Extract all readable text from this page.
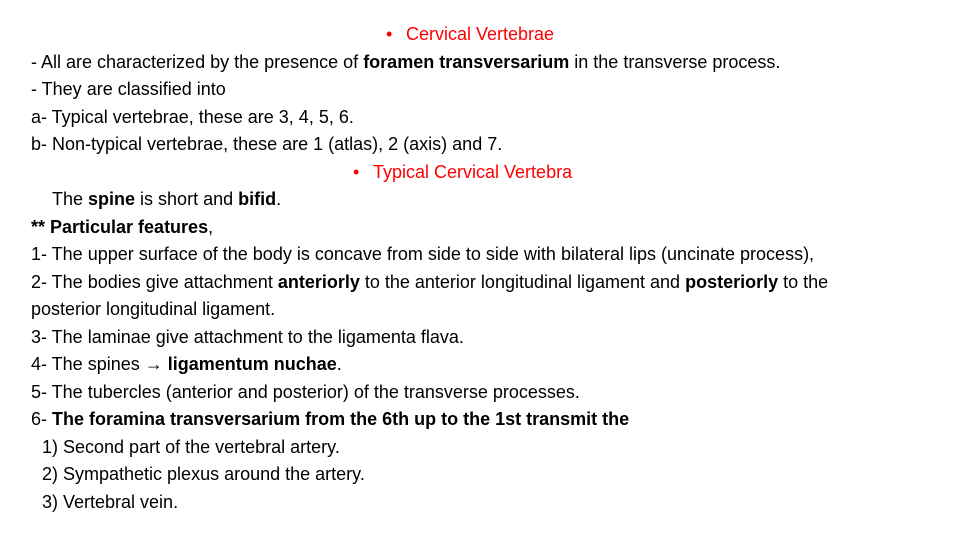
• Cervical Vertebrae
- All are characterized by the presence of foramen transversarium in the transverse process.
- They are classified into
a- Typical vertebrae, these are 3, 4, 5, 6.
b- Non-typical vertebrae, these are 1 (atlas), 2 (axis) and 7.
• Typical Cervical Vertebra
The spine is short and bifid.
** Particular features,
1- The upper surface of the body is concave from side to side with bilateral lips (uncinate process),
2- The bodies give attachment anteriorly to the anterior longitudinal ligament and posteriorly to the
posterior longitudinal ligament.
3- The laminae give attachment to the ligamenta flava.
4- The spines → ligamentum nuchae.
5- The tubercles (anterior and posterior) of the transverse processes.
6- The foramina transversarium from the 6th up to the 1st transmit the
1) Second part of the vertebral artery.
2) Sympathetic plexus around the artery.
3) Vertebral vein.
